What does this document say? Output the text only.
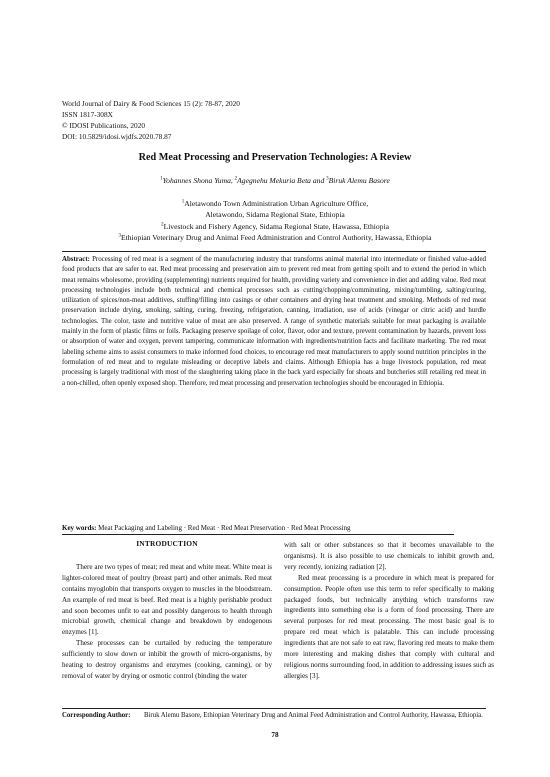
World Journal of Dairy & Food Sciences 15 (2): 78-87, 2020
ISSN 1817-308X
© IDOSI Publications, 2020
DOI: 10.5829/idosi.wjdfs.2020.78.87
Red Meat Processing and Preservation Technologies: A Review
$^1$Yohannes Shona Yuma, $^2$Agegnehu Mekuria Beta and $^3$Biruk Alemu Basore
$^1$Aletawondo Town Administration Urban Agriculture Office,
Aletawondo, Sidama Regional State, Ethiopia
$^2$Livestock and Fishery Agency, Sidama Regional State, Hawassa, Ethiopia
$^3$Ethiopian Veterinary Drug and Animal Feed Administration and Control Authority, Hawassa, Ethiopia
Abstract: Processing of red meat is a segment of the manufacturing industry that transforms animal material into intermediate or finished value-added food products that are safer to eat. Red meat processing and preservation aim to prevent red meat from getting spoilt and to extend the period in which meat remains wholesome, providing (supplementing) nutrients required for health, providing variety and convenience in diet and adding value. Red meat processing technologies include both technical and chemical processes such as cutting/chopping/comminuting, mixing/tumbling, salting/curing, utilization of spices/non-meat additives, stuffing/filling into casings or other containers and drying heat treatment and smoking. Methods of red meat preservation include drying, smoking, salting, curing, freezing, refrigeration, canning, irradiation, use of acids (vinegar or citric acid) and hurdle technologies. The color, taste and nutritive value of meat are also preserved. A range of synthetic materials suitable for meat packaging is available mainly in the form of plastic films or foils. Packaging preserve spoilage of color, flavor, odor and texture, prevent contamination by hazards, prevent loss or absorption of water and oxygen, prevent tampering, communicate information with ingredients/nutrition facts and facilitate marketing. The red meat labeling scheme aims to assist consumers to make informed food choices, to encourage red meat manufacturers to apply sound nutrition principles in the formulation of red meat and to regulate misleading or deceptive labels and claims. Although Ethiopia has a huge livestock population, red meat processing is largely traditional with most of the slaughtering taking place in the back yard especially for shoats and butcheries still retailing red meat in a non-chilled, often openly exposed shop. Therefore, red meat processing and preservation technologies should be encouraged in Ethiopia.
Key words: Meat Packaging and Labeling · Red Meat · Red Meat Preservation · Red Meat Processing
INTRODUCTION

There are two types of meat; red meat and white meat. White meat is lighter-colored meat of poultry (breast part) and other animals. Red meat contains myoglobin that transports oxygen to muscles in the bloodstream. An example of red meat is beef. Red meat is a highly perishable product and soon becomes unfit to eat and possibly dangerous to health through microbial growth, chemical change and breakdown by endogenous enzymes [1].

These processes can be curtailed by reducing the temperature sufficiently to slow down or inhibit the growth of micro-organisms, by heating to destroy organisms and enzymes (cooking, canning), or by removal of water by drying or osmotic control (binding the water

with salt or other substances so that it becomes unavailable to the organisms). It is also possible to use chemicals to inhibit growth and, very recently, ionizing radiation [2].

Red meat processing is a procedure in which meat is prepared for consumption. People often use this term to refer specifically to making packaged foods, but technically anything which transforms raw ingredients into something else is a form of food processing. There are several purposes for red meat processing. The most basic goal is to prepare red meat which is palatable. This can include processing ingredients that are not safe to eat raw, flavoring red meats to make them more interesting and making dishes that comply with cultural and religious norms surrounding food, in addition to addressing issues such as allergies [3].

Corresponding Author: Biruk Alemu Basore, Ethiopian Veterinary Drug and Animal Feed Administration and Control Authority, Hawassa, Ethiopia.
78
